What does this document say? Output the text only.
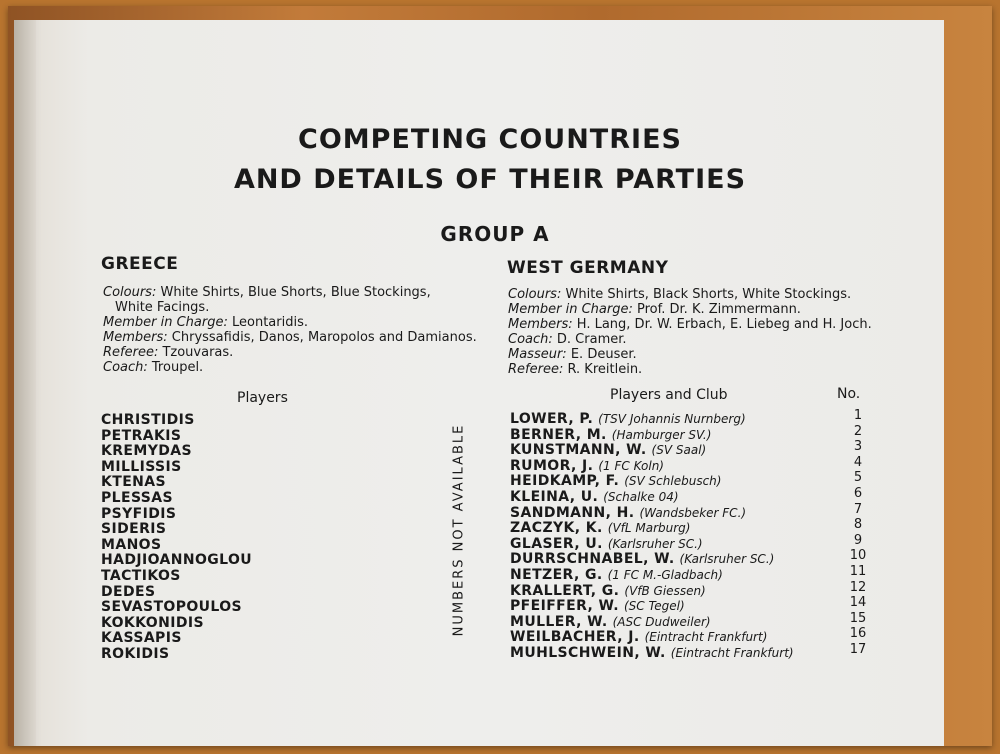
COMPETING COUNTRIES
AND DETAILS OF THEIR PARTIES
GROUP A
GREECE
Colours: White Shirts, Blue Shorts, Blue Stockings,
White Facings.
Member in Charge: Leontaridis.
Members: Chryssafidis, Danos, Maropolos and Damianos.
Referee: Tzouvaras.
Coach: Troupel.
Players
CHRISTIDIS
PETRAKIS
KREMYDAS
MILLISSIS
KTENAS
PLESSAS
PSYFIDIS
SIDERIS
MANOS
HADJIOANNOGLOU
TACTIKOS
DEDES
SEVASTOPOULOS
KOKKONIDIS
KASSAPIS
ROKIDIS
NUMBERS NOT AVAILABLE
WEST GERMANY
Colours: White Shirts, Black Shorts, White Stockings.
Member in Charge: Prof. Dr. K. Zimmermann.
Members: H. Lang, Dr. W. Erbach, E. Liebeg and H. Joch.
Coach: D. Cramer.
Masseur: E. Deuser.
Referee: R. Kreitlein.
Players and Club	No.
LOWER, P. (TSV Johannis Nurnberg)	1
BERNER, M. (Hamburger SV.)	2
KUNSTMANN, W. (SV Saal)	3
RUMOR, J. (1 FC Koln)	4
HEIDKAMP, F. (SV Schlebusch)	5
KLEINA, U. (Schalke 04)	6
SANDMANN, H. (Wandsbeker FC.)	7
ZACZYK, K. (VfL Marburg)	8
GLASER, U. (Karlsruher SC.)	9
DURRSCHNABEL, W. (Karlsruher SC.)	10
NETZER, G. (1 FC M.-Gladbach)	11
KRALLERT, G. (VfB Giessen)	12
PFEIFFER, W. (SC Tegel)	14
MULLER, W. (ASC Dudweiler)	15
WEILBACHER, J. (Eintracht Frankfurt)	16
MUHLSCHWEIN, W. (Eintracht Frankfurt)	17
